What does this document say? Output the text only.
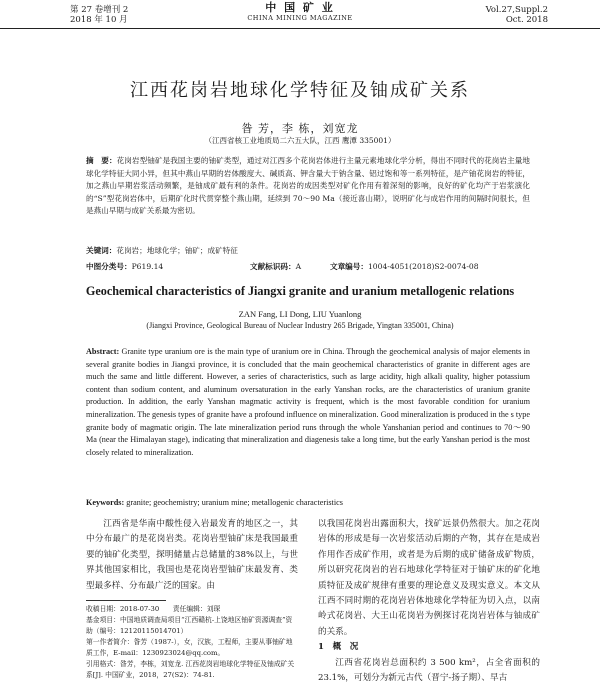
第 27 卷增刊 2
2018 年 10 月
中 国 矿 业
CHINA MINING MAGAZINE
Vol.27,Suppl.2
Oct. 2018
江西花岗岩地球化学特征及铀成矿关系
昝 芳，李 栋，刘宽龙
（江西省核工业地质局二六五大队，江西 鹰潭 335001）
摘　要：花岗岩型铀矿是我国主要的铀矿类型，通过对江西多个花岗岩体进行主量元素地球化学分析，得出不同时代的花岗岩主量地球化学特征大同小异，但其中燕山早期的岩体酸度大、碱质高、钾含量大于钠含量、铝过饱和等一系列特征，是产铀花岗岩的特征，加之燕山早期岩浆活动频繁，是铀成矿最有利的条件。花岗岩的成因类型对矿化作用有着深刻的影响，良好的矿化均产于岩浆演化的“S”型花岗岩体中，后期矿化时代贯穿整个燕山期，延续到 70～90 Ma（接近喜山期），说明矿化与成岩作用的间隔时间很长，但是燕山早期与成矿关系最为密切。
关键词：花岗岩；地球化学；铀矿；成矿特征
中图分类号：P619.14	文献标识码：A	文章编号：1004-4051(2018)S2-0074-08
Geochemical characteristics of Jiangxi granite and uranium metallogenic relations
ZAN Fang, LI Dong, LIU Yuanlong
(Jiangxi Province, Geological Bureau of Nuclear Industry 265 Brigade, Yingtan 335001, China)
Abstract: Granite type uranium ore is the main type of uranium ore in China. Through the geochemical analysis of major elements in several granite bodies in Jiangxi province, it is concluded that the main geochemical characteristics of granite in different ages are much the same and little different. However, a series of characteristics, such as large acidity, high alkali quality, higher potassium content than sodium content, and aluminum oversaturation in the early Yanshan rocks, are the characteristics of uranium granite production. In addition, the early Yanshan magmatic activity is frequent, which is the most favorable condition for uranium mineralization. The genesis types of granite have a profound influence on mineralization. Good mineralization is produced in the s type granite body of magmatic origin. The late mineralization period runs through the whole Yanshanian period and continues to 70～90 Ma (near the Himalayan stage), indicating that mineralization and diagenesis take a long time, but the early Yanshan period is the most closely related to mineralization.
Keywords: granite; geochemistry; uranium mine; metallogenic characteristics
江西省是华南中酸性侵入岩最发育的地区之一，其中分布最广的是花岗岩类。花岗岩型铀矿床是我国最重要的铀矿化类型，探明储量占总储量的38%以上，与世界其他国家相比，我国也是花岗岩型铀矿床最发育、类型最多样、分布最广泛的国家。由
收稿日期：2018-07-30　　责任编辑：刘琛
基金项目：中国地质调查局项目“江西赣杭-上饶地区铀矿资源调查”资助（编号：12120115014701）
第一作者简介：昝芳（1987-），女，汉族，工程师，主要从事铀矿地质工作，E-mail：1230923024@qq.com。
引用格式：昝芳，李栋，刘宽龙. 江西花岗岩地球化学特征及铀成矿关系[J]. 中国矿业，2018，27(S2)：74-81.
以我国花岗岩出露面积大，找矿远景仍然很大。加之花岗岩体的形成是每一次岩浆活动后期的产物，其存在是成岩作用作否成矿作用，或者是为后期的成矿储备成矿物质，所以研究花岗岩的岩石地球化学特征对于铀矿床的矿化地质特征及成矿规律有重要的理论意义及现实意义。本文从江西不同时期的花岗岩岩体地球化学特征为切入点，以南岭式花岗岩、大王山花岗岩为例探讨花岗岩岩体与铀成矿的关系。
1　概　况
江西省花岗岩总面积约 3 500 km²，占全省面积的 23.1%，可划分为新元古代（晋宁-扬子期）、早古
